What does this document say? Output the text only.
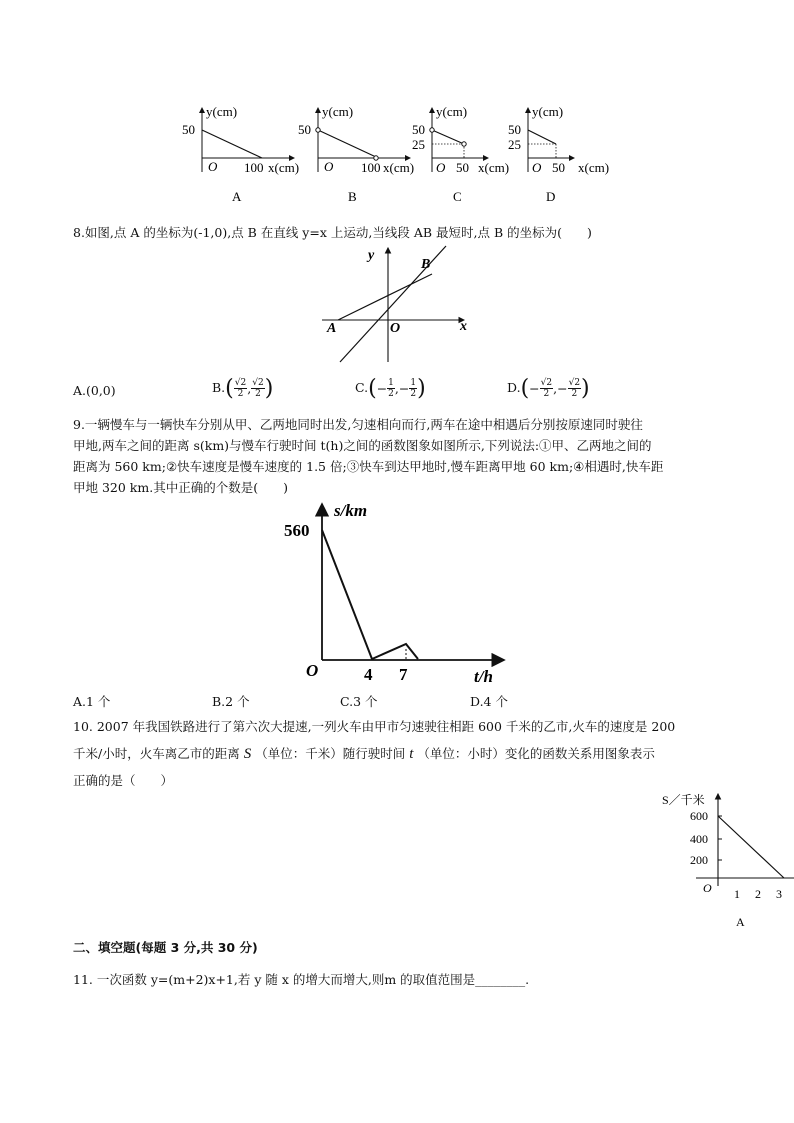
y(cm)
50
O 100 x(cm)
A
y(cm)
50
O 100 x(cm)
B
y(cm)
50
25
O 50 x(cm)
C
y(cm)
50
25
O 50 x(cm)
D
8.如图,点 A 的坐标为(-1,0),点 B 在直线 y=x 上运动,当线段 AB 最短时,点 B 的坐标为(　　)
y
x
B
A	O
A.(0,0)	$B.( \frac{√2}{2}$ , $\frac{√2}{2}$ )	$C.(- \frac{1}{2}$ ,− $\frac{1}{2}$ )	$D.(- \frac{√2}{2}$ ,− $\frac{√2}{2}$ )
9.一辆慢车与一辆快车分别从甲、乙两地同时出发,匀速相向而行,两车在途中相遇后分别按原速同时驶往
甲地,两车之间的距离 s(km)与慢车行驶时间 t(h)之间的函数图象如图所示,下列说法:①甲、乙两地之间的
距离为 560 km;②快车速度是慢车速度的 1.5 倍;③快车到达甲地时,慢车距离甲地 60 km;④相遇时,快车距
甲地 320 km.其中正确的个数是(　　)
s/km
560
O	4 7	t/h
A.1 个	B.2 个	C.3 个	D.4 个
10. 2007 年我国铁路进行了第六次大提速,一列火车由甲市匀速驶往相距 600 千米的乙市,火车的速度是 200
千米/小时，火车离乙市的距离 S （单位：千米）随行驶时间 t （单位：小时）变化的函数关系用图象表示
正确的是（　　）
S／千米
600
400
200
O 1 2 3
A
二、填空题(每题 3 分,共 30 分)
11. 一次函数 y=(m+2)x+1,若 y 随 x 的增大而增大,则m 的取值范围是________.
